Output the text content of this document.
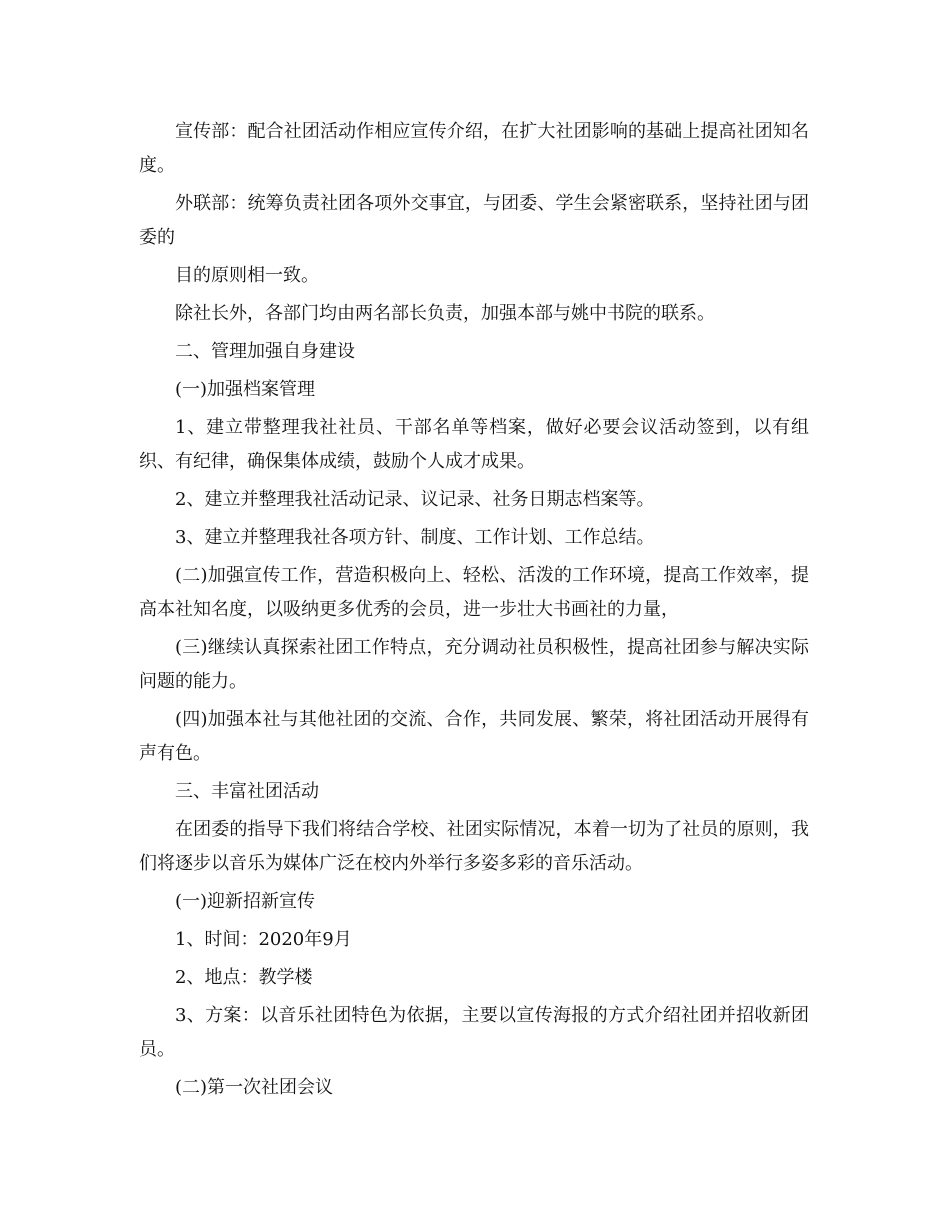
宣传部：配合社团活动作相应宣传介绍，在扩大社团影响的基础上提高社团知名度。

外联部：统筹负责社团各项外交事宜，与团委、学生会紧密联系，坚持社团与团委的

目的原则相一致。

除社长外，各部门均由两名部长负责，加强本部与姚中书院的联系。

二、管理加强自身建设

(一)加强档案管理

1、建立带整理我社社员、干部名单等档案，做好必要会议活动签到，以有组织、有纪律，确保集体成绩，鼓励个人成才成果。

2、建立并整理我社活动记录、议记录、社务日期志档案等。

3、建立并整理我社各项方针、制度、工作计划、工作总结。

(二)加强宣传工作，营造积极向上、轻松、活泼的工作环境，提高工作效率，提高本社知名度，以吸纳更多优秀的会员，进一步壮大书画社的力量，

(三)继续认真探索社团工作特点，充分调动社员积极性，提高社团参与解决实际问题的能力。

(四)加强本社与其他社团的交流、合作，共同发展、繁荣，将社团活动开展得有声有色。

三、丰富社团活动

在团委的指导下我们将结合学校、社团实际情况，本着一切为了社员的原则，我们将逐步以音乐为媒体广泛在校内外举行多姿多彩的音乐活动。

(一)迎新招新宣传

1、时间：2020年9月

2、地点：教学楼

3、方案：以音乐社团特色为依据，主要以宣传海报的方式介绍社团并招收新团员。

(二)第一次社团会议
